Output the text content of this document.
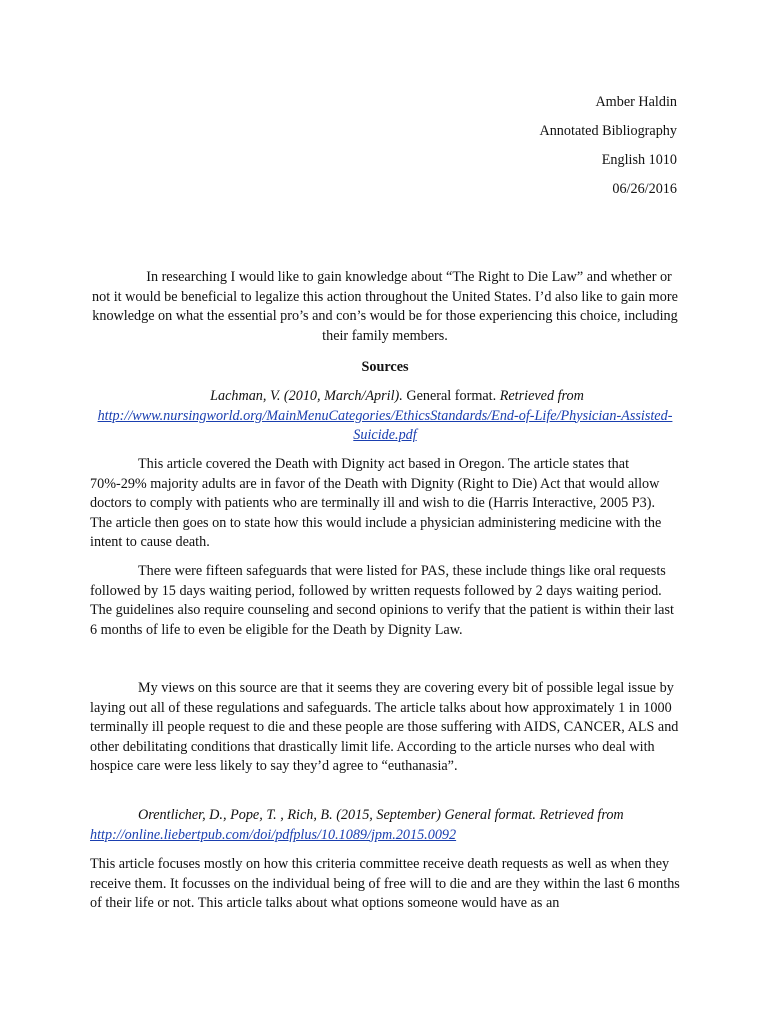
Amber Haldin
Annotated Bibliography
English 1010
06/26/2016

In researching I would like to gain knowledge about “The Right to Die Law” and whether or not it would be beneficial to legalize this action throughout the United States. I’d also like to gain more knowledge on what the essential pro’s and con’s would be for those experiencing this choice, including their family members.

Sources

Lachman, V. (2010, March/April). General format. Retrieved from http://www.nursingworld.org/MainMenuCategories/EthicsStandards/End-of-Life/Physician-Assisted-Suicide.pdf

This article covered the Death with Dignity act based in Oregon. The article states that 70%-29% majority adults are in favor of the Death with Dignity (Right to Die) Act that would allow doctors to comply with patients who are terminally ill and wish to die (Harris Interactive, 2005 P3). The article then goes on to state how this would include a physician administering medicine with the intent to cause death.

There were fifteen safeguards that were listed for PAS, these include things like oral requests followed by 15 days waiting period, followed by written requests followed by 2 days waiting period. The guidelines also require counseling and second opinions to verify that the patient is within their last 6 months of life to even be eligible for the Death by Dignity Law.

My views on this source are that it seems they are covering every bit of possible legal issue by laying out all of these regulations and safeguards. The article talks about how approximately 1 in 1000 terminally ill people request to die and these people are those suffering with AIDS, CANCER, ALS and other debilitating conditions that drastically limit life. According to the article nurses who deal with hospice care were less likely to say they’d agree to “euthanasia”.

Orentlicher, D., Pope, T. , Rich, B. (2015, September) General format. Retrieved from
http://online.liebertpub.com/doi/pdfplus/10.1089/jpm.2015.0092

This article focuses mostly on how this criteria committee receive death requests as well as when they receive them. It focusses on the individual being of free will to die and are they within the last 6 months of their life or not. This article talks about what options someone would have as an
